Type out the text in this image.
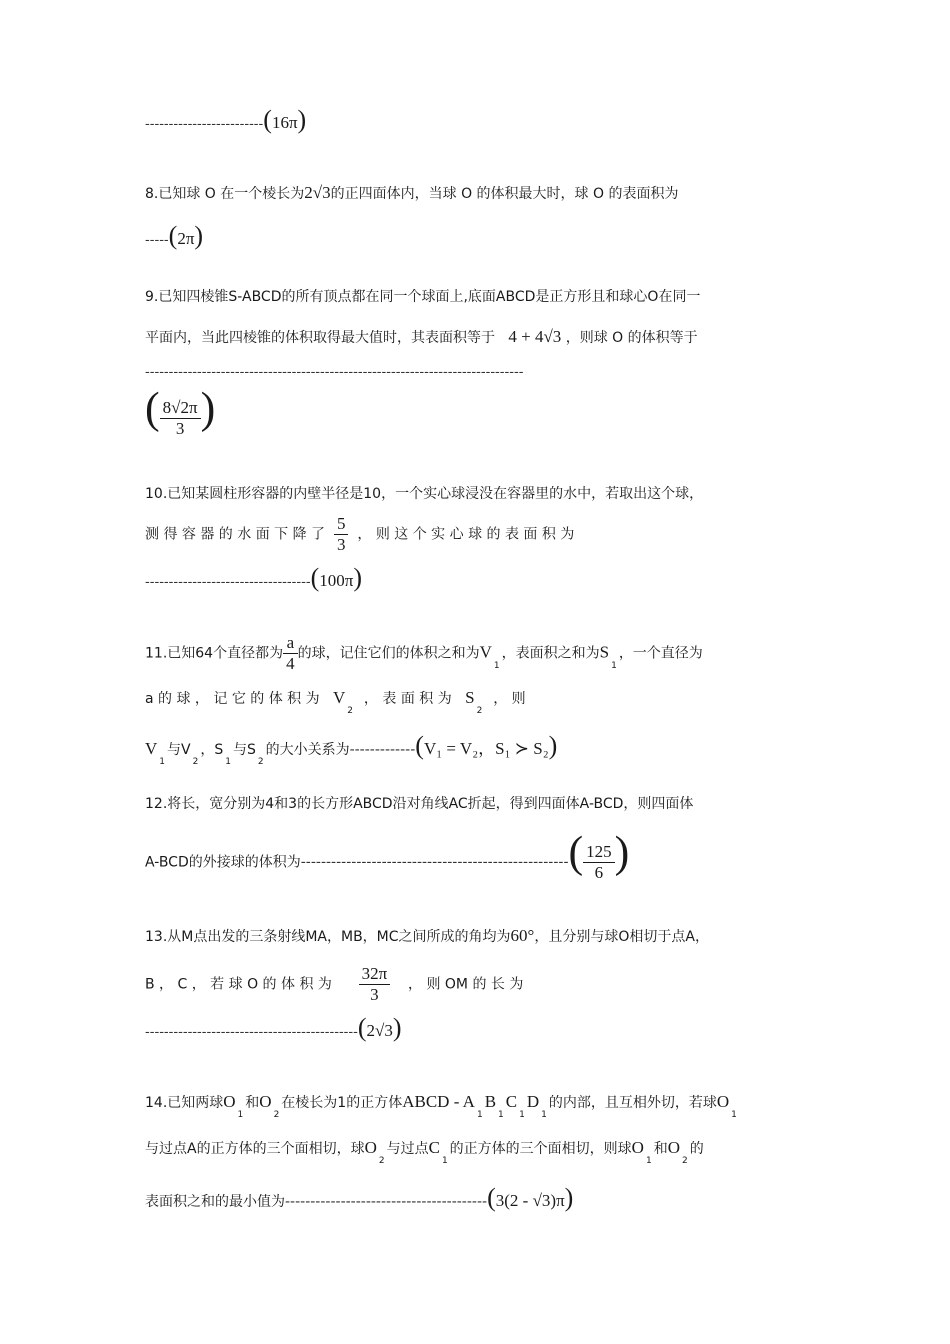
-------------------------(16π)
8.已知球 O 在一个棱长为2√3的正四面体内，当球 O 的体积最大时，球 O 的表面积为
-----(2π)
9.已知四棱锥S-ABCD的所有顶点都在同一个球面上,底面ABCD是正方形且和球心O在同一
平面内，当此四棱锥的体积取得最大值时，其表面积等于 4 + 4√3 ，则球 O 的体积等于
--------------------------------------------------------------------------------
( $\frac{8√2\pi}{3}$ )
10.已知某圆柱形容器的内壁半径是10，一个实心球浸没在容器里的水中，若取出这个球，
测 得 容 器 的 水 面 下 降 了 $\frac{5}{3}$ ， 则 这 个 实 心 球 的 表 面 积 为
-----------------------------------(100π)
11.已知64个直径都为 $\frac{a}{4}$ 的球，记住它们的体积之和为$V_1$，表面积之和为$S_1$，一个直径为
a 的 球 ， 记 它 的 体 积 为 $V_2$  ， 表 面 积 为 $S_2$  ， 则
$V_1$与$V_2$，$S_1$与$S_2$的大小关系为-------------(V₁ = V₂，S₁ ≻ S₂)
12.将长，宽分别为4和3的长方形ABCD沿对角线AC折起，得到四面体A-BCD，则四面体
A-BCD的外接球的体积为-----------------------------------------------------( $\frac{125}{6}$ )
13.从M点出发的三条射线MA，MB，MC之间所成的角均为60°，且分别与球O相切于点A，
B ， C ， 若 球 O 的 体 积 为 $\frac{32\pi}{3}$ ， 则 OM 的 长 为
---------------------------------------------(2√3)
14.已知两球$O_1$和$O_2$在棱长为1的正方体ABCD - $A_1B_1C_1D_1$的内部，且互相外切，若球$O_1$
与过点A的正方体的三个面相切，球$O_2$与过点$C_1$的正方体的三个面相切，则球$O_1$和$O_2$的
表面积之和的最小值为----------------------------------------(3(2 - √3)π)
